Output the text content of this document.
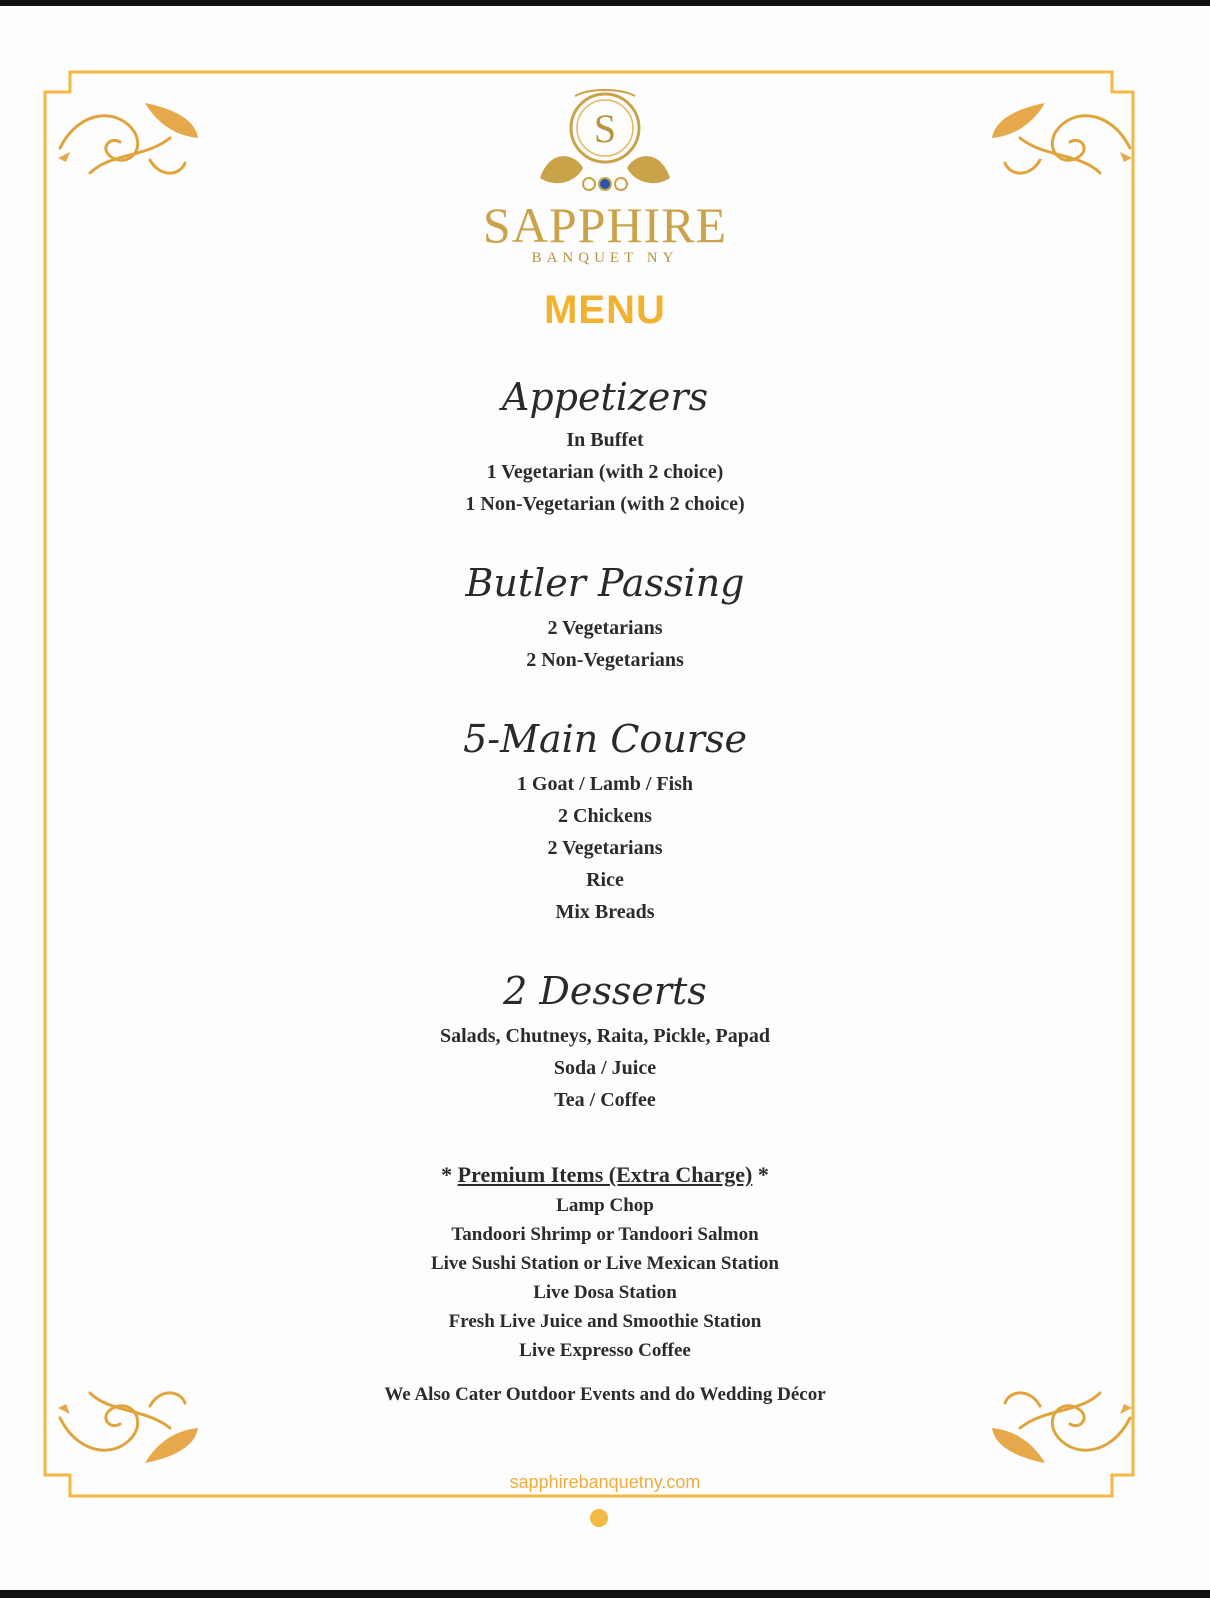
S
SAPPHIRE
BANQUET NY
MENU
Appetizers
In Buffet
1 Vegetarian (with 2 choice)
1 Non-Vegetarian (with 2 choice)
Butler Passing
2 Vegetarians
2 Non-Vegetarians
5-Main Course
1 Goat / Lamb / Fish
2 Chickens
2 Vegetarians
Rice
Mix Breads
2 Desserts
Salads, Chutneys, Raita, Pickle, Papad
Soda / Juice
Tea / Coffee
* Premium Items (Extra Charge) *
Lamp Chop
Tandoori Shrimp or Tandoori Salmon
Live Sushi Station or Live Mexican Station
Live Dosa Station
Fresh Live Juice and Smoothie Station
Live Expresso Coffee
We Also Cater Outdoor Events and do Wedding Décor
sapphirebanquetny.com
